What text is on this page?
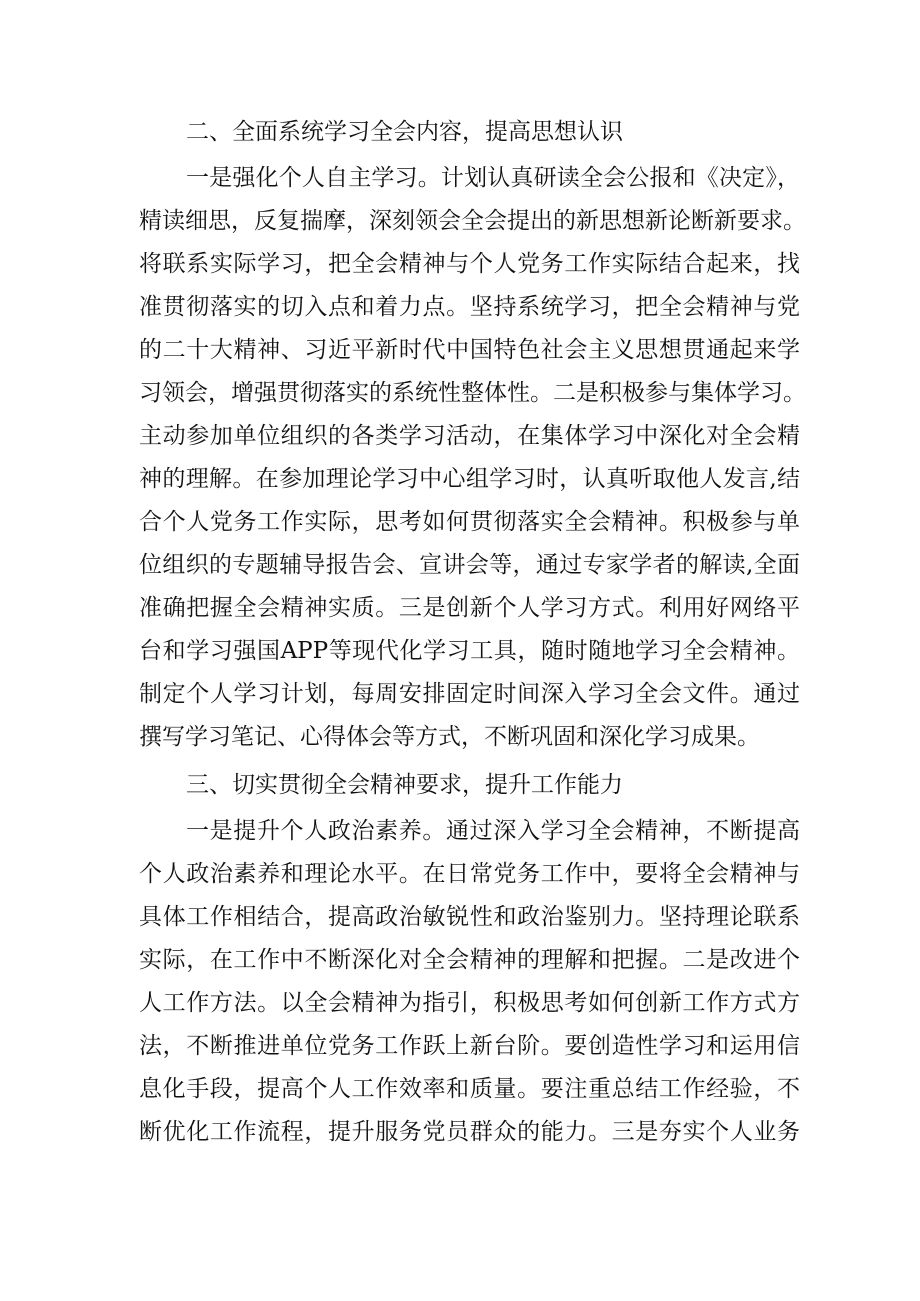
二、全面系统学习全会内容，提高思想认识
一是强化个人自主学习。计划认真研读全会公报和《决定》，
精读细思，反复揣摩，深刻领会全会提出的新思想新论断新要求。
将联系实际学习，把全会精神与个人党务工作实际结合起来，找
准贯彻落实的切入点和着力点。坚持系统学习，把全会精神与党
的二十大精神、习近平新时代中国特色社会主义思想贯通起来学
习领会，增强贯彻落实的系统性整体性。二是积极参与集体学习。
主动参加单位组织的各类学习活动，在集体学习中深化对全会精
神的理解。在参加理论学习中心组学习时，认真听取他人发言,结
合个人党务工作实际，思考如何贯彻落实全会精神。积极参与单
位组织的专题辅导报告会、宣讲会等，通过专家学者的解读,全面
准确把握全会精神实质。三是创新个人学习方式。利用好网络平
台和学习强国APP等现代化学习工具，随时随地学习全会精神。
制定个人学习计划，每周安排固定时间深入学习全会文件。通过
撰写学习笔记、心得体会等方式，不断巩固和深化学习成果。
三、切实贯彻全会精神要求，提升工作能力
一是提升个人政治素养。通过深入学习全会精神，不断提高
个人政治素养和理论水平。在日常党务工作中，要将全会精神与
具体工作相结合，提高政治敏锐性和政治鉴别力。坚持理论联系
实际，在工作中不断深化对全会精神的理解和把握。二是改进个
人工作方法。以全会精神为指引，积极思考如何创新工作方式方
法，不断推进单位党务工作跃上新台阶。要创造性学习和运用信
息化手段，提高个人工作效率和质量。要注重总结工作经验，不
断优化工作流程，提升服务党员群众的能力。三是夯实个人业务
